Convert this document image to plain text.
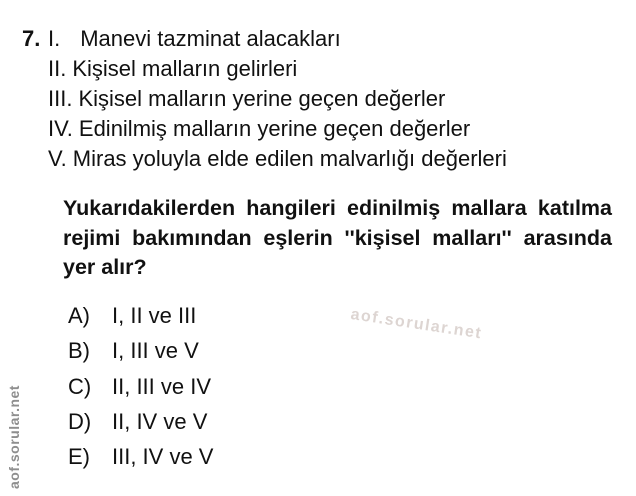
7. I. Manevi tazminat alacakları
II. Kişisel malların gelirleri
III. Kişisel malların yerine geçen değerler
IV. Edinilmiş malların yerine geçen değerler
V. Miras yoluyla elde edilen malvarlığı değerleri
Yukarıdakilerden hangileri edinilmiş mallara katılma rejimi bakımından eşlerin ''kişisel malları'' arasında yer alır?
A)	I, II ve III
B)	I, III ve V
C) II, III ve IV
D) II, IV ve V
E)	III, IV ve V
aof.sorular.net
aof.sorular.net
